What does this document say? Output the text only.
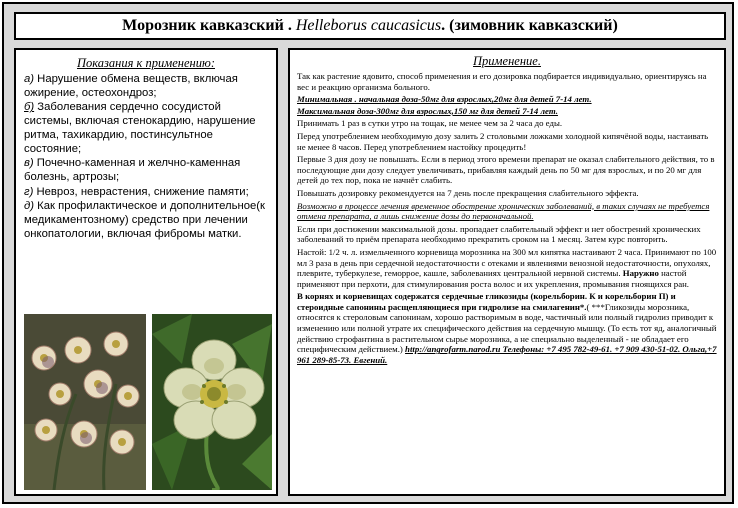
Морозник кавказский . Helleborus caucasicus. (зимовник кавказский)
Показания к применению:

а) Нарушение обмена веществ, включая ожирение, остеохондроз;

б) Заболевания сердечно сосудистой системы, включая стенокардию, нарушение ритма, тахикардию, постинсультное состояние;

в) Почечно-каменная и желчно-каменная болезнь, артрозы;

г) Невроз, неврастения, снижение памяти;

д) Как профилактическое и дополнительное(к медикаментозному) средство при лечении онкопатологии, включая фибромы матки.

Применение.

Так как растение ядовито, способ применения и его дозировка подбирается индивидуально, ориентируясь на вес и реакцию организма больного.

Минимальная . начальная доза-50мг для взрослых,20мг для детей 7-14 лет.

Максимальная доза-300мг для взрослых,150 мг для детей 7-14 лет.

Принимать 1 раз в сутки утро на тощак, не менее чем за 2 часа до еды.

Перед употреблением необходимую дозу залить 2 столовыми ложками холодной кипячёной воды, настаивать не менее 8 часов. Перед употреблением настойку процедить!

Первые 3 дня дозу не повышать. Если в период этого времени препарат не оказал слабительного действия, то в последующие дни дозу следует увеличивать, прибавляя каждый день по 50 мг для взрослых, и по 20 мг для детей до тех пор, пока не начнёт слабить.

Повышать дозировку рекомендуется на 7 день после прекращения слабительного эффекта.

Возможно в процессе лечения временное обострение хронических заболеваний, в таких случаях не требуется отмена препарата, а лишь снижение дозы до первоначальной.

Если при достижении максимальной дозы. пропадает слабительный эффект и нет обострений хронических заболеваний то приём препарата необходимо прекратить сроком на 1 месяц. Затем курс повторить.

Настой: 1/2 ч. л. измельченного корневища морозника на 300 мл кипятка настаивают 2 часа. Принимают по 100 мл 3 раза в день при сердечной недостаточности с отеками и явлениями венозной недостаточности, опухолях, плеврите, туберкулезе, геморрое, кашле, заболеваниях центральной нервной системы. Наружно настой применяют при перхоти, для стимулирования роста волос и их укрепления, промывания гноящихся ран.

В корнях и корневищах содержатся сердечные гликозиды (корельборин. К и корельборин П) и стероидные сапонины расщепляющиеся при гидролизе на смилагенин*.( ***Гликозиды морозника, относятся к стероловым сапонинам, хорошо растворимым в воде, частичный или полный гидролиз приводит к изменению или полной утрате их специфического действия на сердечную мышцу. (То есть тот яд, аналогичный действию строфантина в растительном сырье морозника, а не специально выделенный - не обладает его специфическим действием.) http://angrofarm.narod.ru Телефоны: +7 495 782-49-61. +7 909 430-51-02. Ольга,+7 961 289-85-73. Евгений.
